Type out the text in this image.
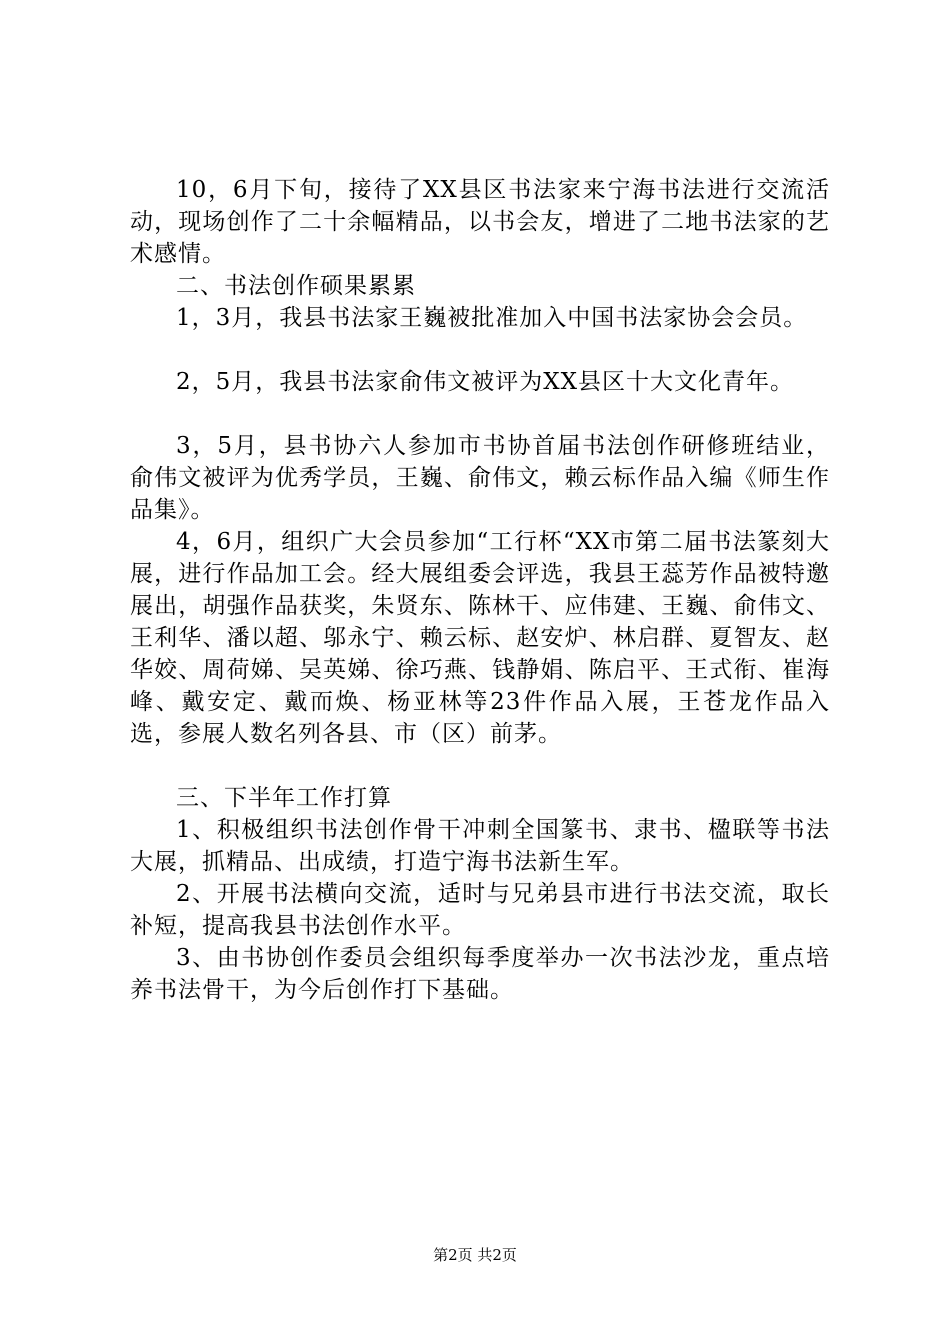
10，6月下旬，接待了XX县区书法家来宁海书法进行交流活动，现场创作了二十余幅精品，以书会友，增进了二地书法家的艺术感情。

二、书法创作硕果累累

1，3月，我县书法家王巍被批准加入中国书法家协会会员。

2，5月，我县书法家俞伟文被评为XX县区十大文化青年。

3，5月，县书协六人参加市书协首届书法创作研修班结业，俞伟文被评为优秀学员，王巍、俞伟文，赖云标作品入编《师生作品集》。

4，6月，组织广大会员参加“工行杯“XX市第二届书法篆刻大展，进行作品加工会。经大展组委会评选，我县王蕊芳作品被特邀展出，胡强作品获奖，朱贤东、陈林干、应伟建、王巍、俞伟文、王利华、潘以超、邬永宁、赖云标、赵安炉、林启群、夏智友、赵华姣、周荷娣、吴英娣、徐巧燕、钱静娟、陈启平、王式衔、崔海峰、戴安定、戴而焕、杨亚林等23件作品入展，王苍龙作品入选，参展人数名列各县、市（区）前茅。

三、下半年工作打算

1、积极组织书法创作骨干冲刺全国篆书、隶书、楹联等书法大展，抓精品、出成绩，打造宁海书法新生军。

2、开展书法横向交流，适时与兄弟县市进行书法交流，取长补短，提高我县书法创作水平。

3、由书协创作委员会组织每季度举办一次书法沙龙，重点培养书法骨干，为今后创作打下基础。

第2页 共2页
